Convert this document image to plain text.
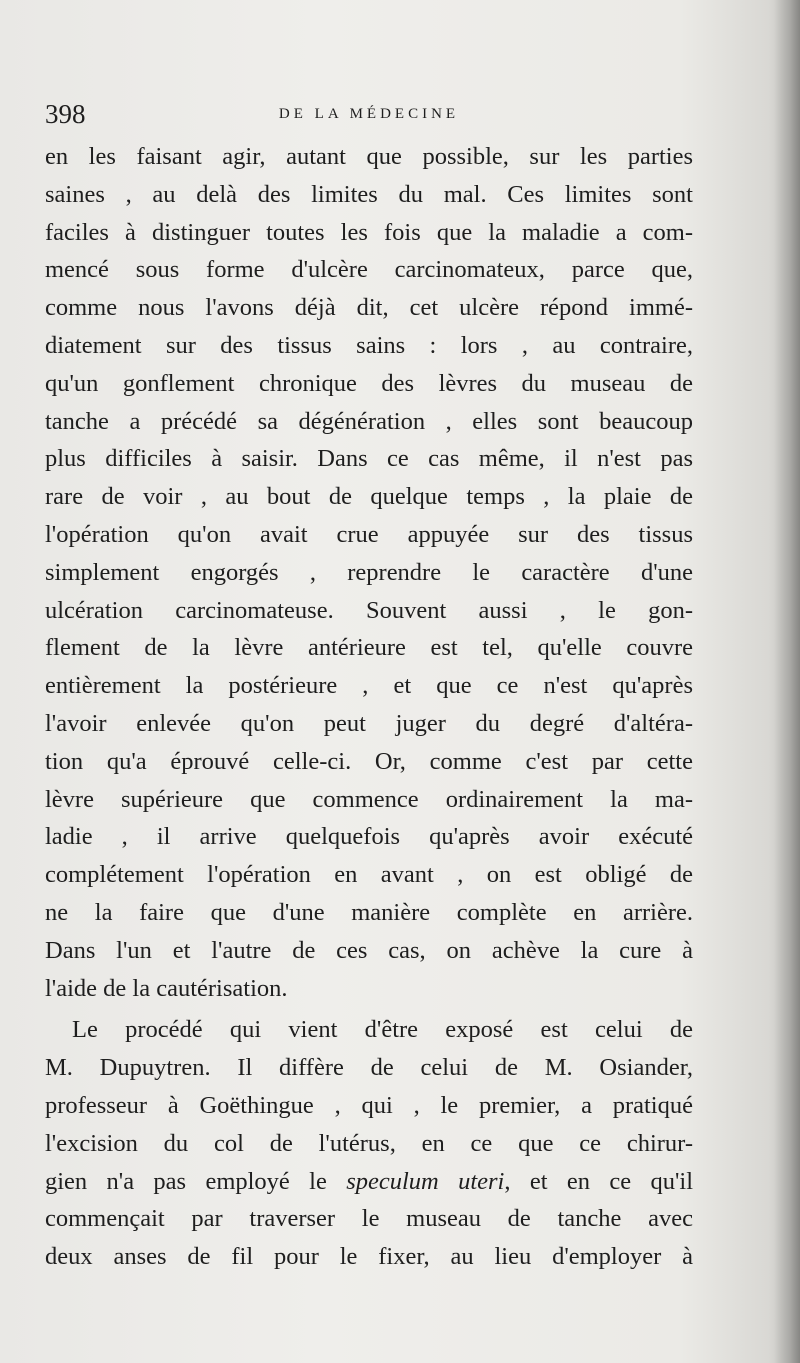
398	DE LA MÉDECINE
en les faisant agir, autant que possible, sur les parties
saines , au delà des limites du mal. Ces limites sont
faciles à distinguer toutes les fois que la maladie a com-
mencé sous forme d'ulcère carcinomateux, parce que,
comme nous l'avons déjà dit, cet ulcère répond immé-
diatement sur des tissus sains : lors , au contraire,
qu'un gonflement chronique des lèvres du museau de
tanche a précédé sa dégénération , elles sont beaucoup
plus difficiles à saisir. Dans ce cas même, il n'est pas
rare de voir , au bout de quelque temps , la plaie de
l'opération qu'on avait crue appuyée sur des tissus
simplement engorgés , reprendre le caractère d'une
ulcération carcinomateuse. Souvent aussi , le gon-
flement de la lèvre antérieure est tel, qu'elle couvre
entièrement la postérieure , et que ce n'est qu'après
l'avoir enlevée qu'on peut juger du degré d'altéra-
tion qu'a éprouvé celle-ci. Or, comme c'est par cette
lèvre supérieure que commence ordinairement la ma-
ladie , il arrive quelquefois qu'après avoir exécuté
complétement l'opération en avant , on est obligé de
ne la faire que d'une manière complète en arrière.
Dans l'un et l'autre de ces cas, on achève la cure à
l'aide de la cautérisation.
Le procédé qui vient d'être exposé est celui de
M. Dupuytren. Il diffère de celui de M. Osiander,
professeur à Goëthingue , qui , le premier, a pratiqué
l'excision du col de l'utérus, en ce que ce chirur-
gien n'a pas employé le speculum uteri, et en ce qu'il
commençait par traverser le museau de tanche avec
deux anses de fil pour le fixer, au lieu d'employer à
